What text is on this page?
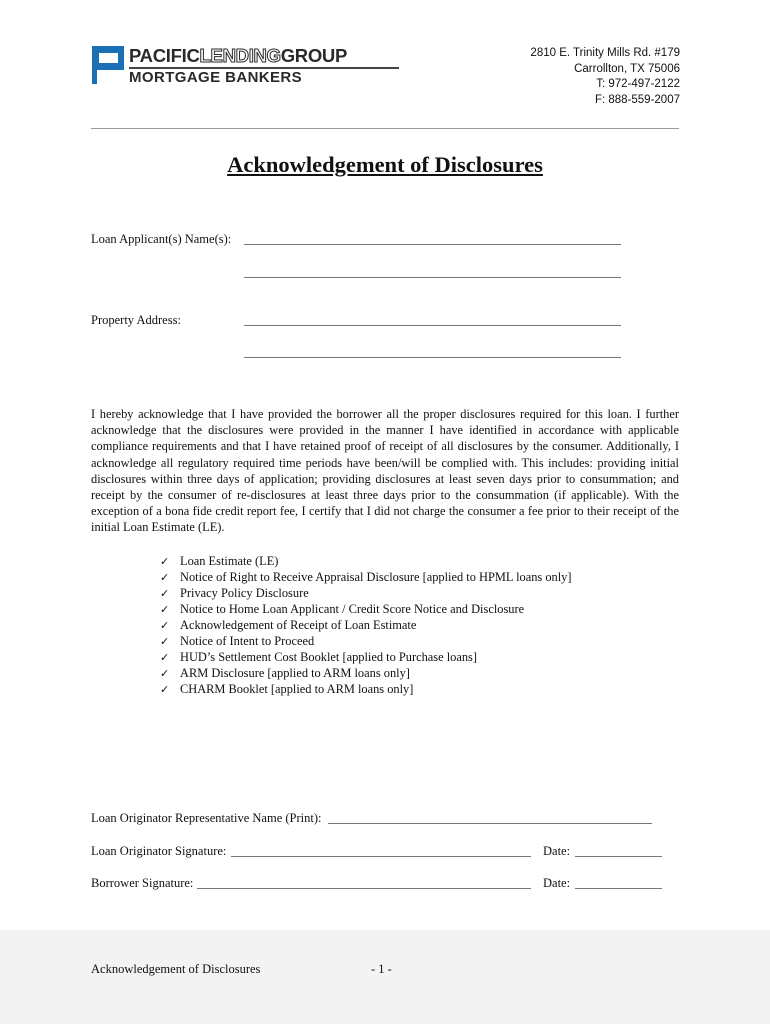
PACIFICLENDINGGROUP
MORTGAGE BANKERS
2810 E. Trinity Mills Rd. #179
Carrollton, TX 75006
T: 972-497-2122
F: 888-559-2007
Acknowledgement of Disclosures
Loan Applicant(s) Name(s):
Property Address:

I hereby acknowledge that I have provided the borrower all the proper disclosures required for this loan. I further acknowledge that the disclosures were provided in the manner I have identified in accordance with applicable compliance requirements and that I have retained proof of receipt of all disclosures by the consumer. Additionally, I acknowledge all regulatory required time periods have been/will be complied with. This includes: providing initial disclosures within three days of application; providing disclosures at least seven days prior to consummation; and receipt by the consumer of re-disclosures at least three days prior to the consummation (if applicable). With the exception of a bona fide credit report fee, I certify that I did not charge the consumer a fee prior to their receipt of the initial Loan Estimate (LE).

✓ Loan Estimate (LE)
✓ Notice of Right to Receive Appraisal Disclosure [applied to HPML loans only]
✓ Privacy Policy Disclosure
✓ Notice to Home Loan Applicant / Credit Score Notice and Disclosure
✓ Acknowledgement of Receipt of Loan Estimate
✓ Notice of Intent to Proceed
✓ HUD’s Settlement Cost Booklet [applied to Purchase loans]
✓ ARM Disclosure [applied to ARM loans only]
✓ CHARM Booklet [applied to ARM loans only]
Loan Originator Representative Name (Print):
Loan Originator Signature:	Date:
Borrower Signature:	Date:
Acknowledgement of Disclosures	- 1 -
